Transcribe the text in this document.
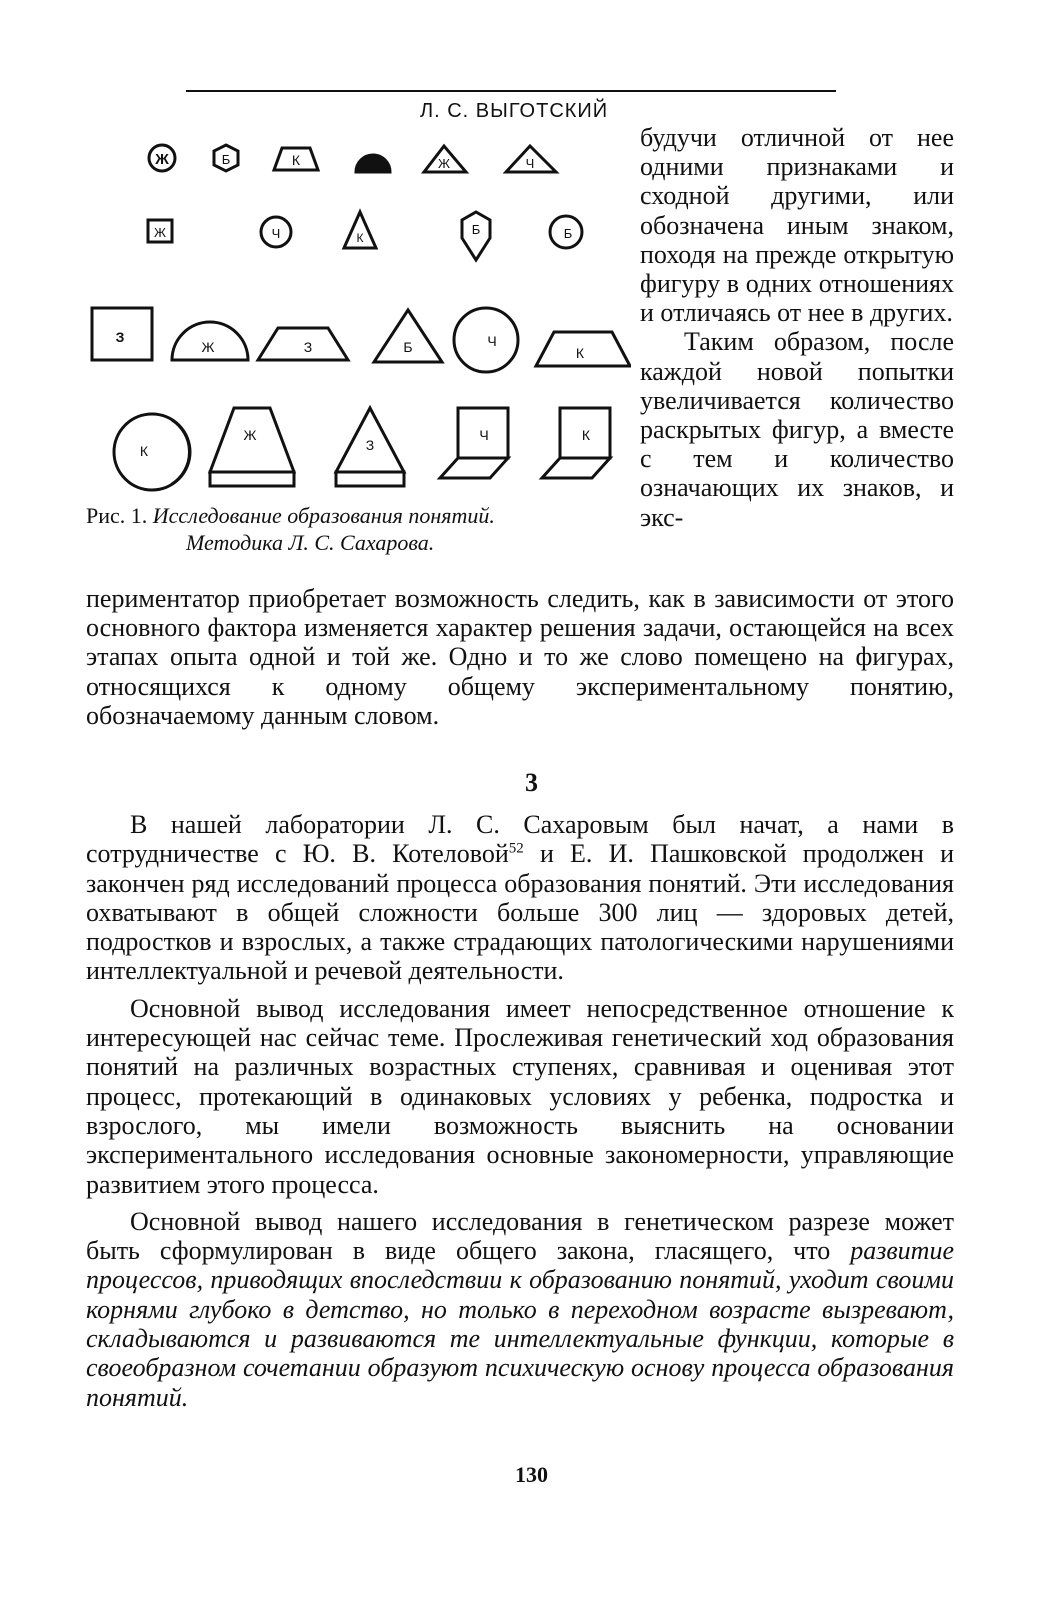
Л. С. ВЫГОТСКИЙ
Ж	Б	К	Ж	Ч
Ж	Ч	К
Б	Б
З
Ж	З	Б	Ч
К
К
Ж
З
Ч	К
Рис. 1. Исследование образования понятий.
Методика Л. С. Сахарова.

будучи отличной от нее одними признаками и сходной другими, или обозначена иным знаком, походя на прежде открытую фигуру в одних отношениях и отличаясь от нее в других.

Таким образом, после каждой новой попытки увеличивается количество раскрытых фигур, а вместе с тем и количество означающих их знаков, и экс-

периментатор приобретает возможность следить, как в зависимости от этого основного фактора изменяется характер решения задачи, остающейся на всех этапах опыта одной и той же. Одно и то же слово помещено на фигурах, относящихся к одному общему экспериментальному понятию, обозначаемому данным словом.
3

В нашей лаборатории Л. С. Сахаровым был начат, а нами в сотрудничестве с Ю. В. Котеловой$^{52}$ и Е. И. Пашковской продолжен и закончен ряд исследований процесса образования понятий. Эти исследования охватывают в общей сложности больше 300 лиц — здоровых детей, подростков и взрослых, а также страдающих патологическими нарушениями интеллектуальной и речевой деятельности.

Основной вывод исследования имеет непосредственное отношение к интересующей нас сейчас теме. Прослеживая генетический ход образования понятий на различных возрастных ступенях, сравнивая и оценивая этот процесс, протекающий в одинаковых условиях у ребенка, подростка и взрослого, мы имели возможность выяснить на основании экспериментального исследования основные закономерности, управляющие развитием этого процесса.

Основной вывод нашего исследования в генетическом разрезе может быть сформулирован в виде общего закона, гласящего, что развитие процессов, приводящих впоследствии к образованию понятий, уходит своими корнями глубоко в детство, но только в переходном возрасте вызревают, складываются и развиваются те интеллектуальные функции, которые в своеобразном сочетании образуют психическую основу процесса образования понятий.

130
